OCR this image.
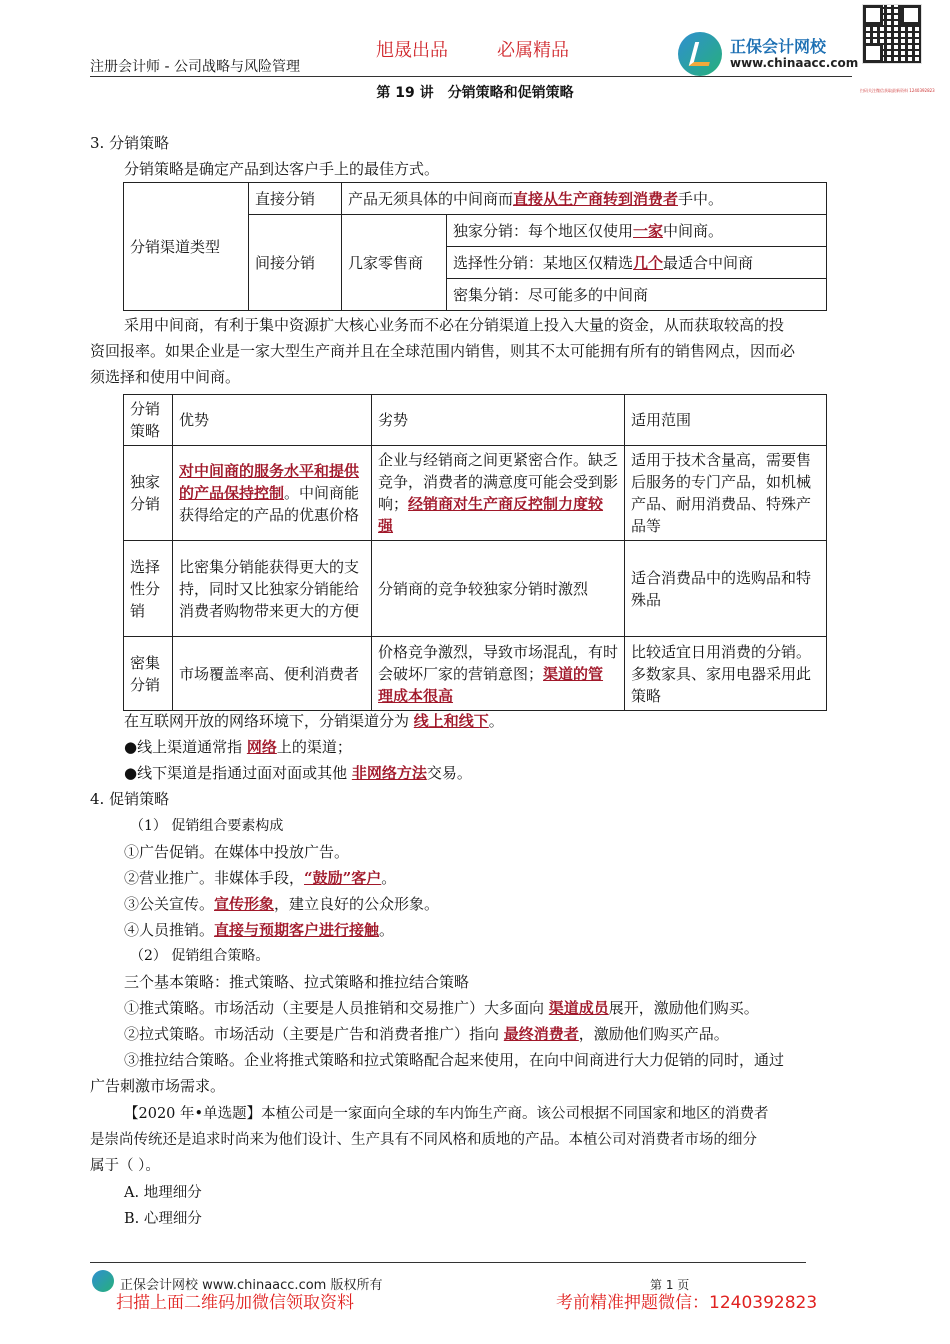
注册会计师 - 公司战略与风险管理
旭晟出品	必属精品	正保会计网校
www.chinaacc.com
扫码关注微信获取最新资料 1240392823
第 19 讲　分销策略和促销策略
3. 分销策略
分销策略是确定产品到达客户手上的最佳方式。
分销渠道类型	直接分销	产品无须具体的中间商而直接从生产商转到消费者手中。	
	间接分销	几家零售商	独家分销：每个地区仅使用一家中间商。
			选择性分销：某地区仅精选几个最适合中间商
			密集分销：尽可能多的中间商
采用中间商，有利于集中资源扩大核心业务而不必在分销渠道上投入大量的资金，从而获取较高的投
资回报率。如果企业是一家大型生产商并且在全球范围内销售，则其不太可能拥有所有的销售网点，因而必
须选择和使用中间商。
分销策略	优势	劣势	适用范围
独家分销	对中间商的服务水平和提供的产品保持控制。中间商能获得给定的产品的优惠价格	企业与经销商之间更紧密合作。缺乏竞争，消费者的满意度可能会受到影响；经销商对生产商反控制力度较强	适用于技术含量高，需要售后服务的专门产品，如机械产品、耐用消费品、特殊产品等
选择性分销	比密集分销能获得更大的支持，同时又比独家分销能给消费者购物带来更大的方便	分销商的竞争较独家分销时激烈	适合消费品中的选购品和特殊品
密集分销	市场覆盖率高、便利消费者	价格竞争激烈，导致市场混乱，有时会破坏厂家的营销意图；渠道的管理成本很高	比较适宜日用消费的分销。多数家具、家用电器采用此策略
在互联网开放的网络环境下，分销渠道分为 线上和线下。
●线上渠道通常指 网络上的渠道；
●线下渠道是指通过面对面或其他 非网络方法交易。
4. 促销策略
（1） 促销组合要素构成
①广告促销。在媒体中投放广告。
②营业推广。非媒体手段，“鼓励”客户。
③公关宣传。宣传形象，建立良好的公众形象。
④人员推销。直接与预期客户进行接触。
（2） 促销组合策略。
三个基本策略：推式策略、拉式策略和推拉结合策略
①推式策略。市场活动（主要是人员推销和交易推广）大多面向 渠道成员展开，激励他们购买。
②拉式策略。市场活动（主要是广告和消费者推广）指向 最终消费者，激励他们购买产品。
③推拉结合策略。企业将推式策略和拉式策略配合起来使用，在向中间商进行大力促销的同时，通过
广告刺激市场需求。
【2020 年•单选题】本植公司是一家面向全球的车内饰生产商。该公司根据不同国家和地区的消费者
是崇尚传统还是追求时尚来为他们设计、生产具有不同风格和质地的产品。本植公司对消费者市场的细分
属于（ ）。
A. 地理细分
B. 心理细分
正保会计网校 www.chinaacc.com 版权所有	第 1 页
扫描上面二维码加微信领取资料	考前精准押题微信：1240392823
